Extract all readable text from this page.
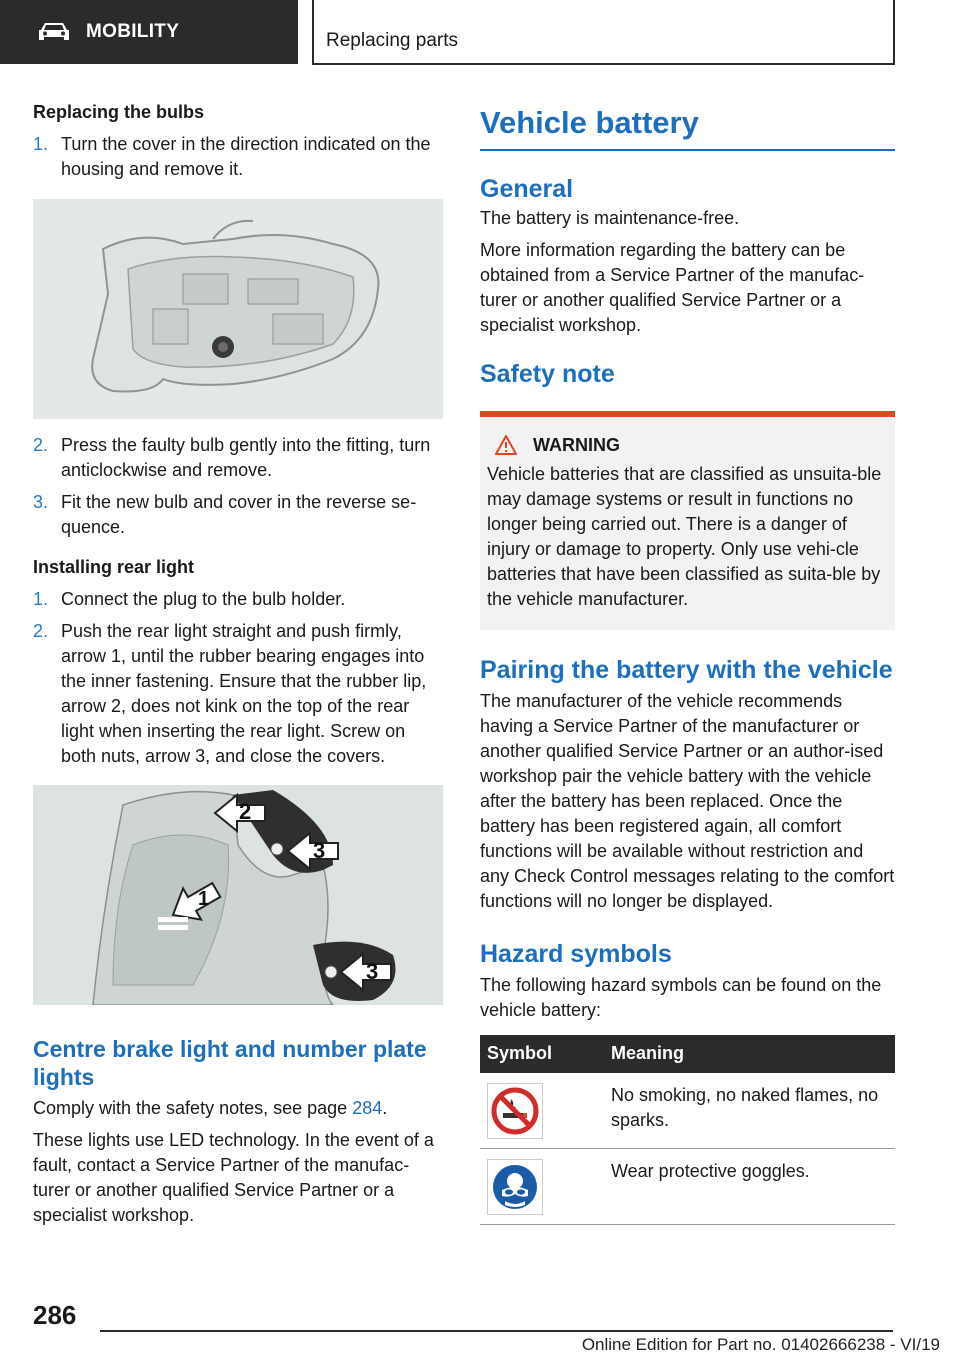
MOBILITY	Replacing parts

Replacing the bulbs

1. Turn the cover in the direction indicated on the housing and remove it.
2. Press the faulty bulb gently into the fitting, turn anticlockwise and remove.
3. Fit the new bulb and cover in the reverse se-quence.

Installing rear light

1. Connect the plug to the bulb holder.
2. Push the rear light straight and push firmly, arrow 1, until the rubber bearing engages into the inner fastening. Ensure that the rubber lip, arrow 2, does not kink on the top of the rear light when inserting the rear light. Screw on both nuts, arrow 3, and close the covers.
2
3
1
3

Centre brake light and number plate lights

Comply with the safety notes, see page 284.

These lights use LED technology. In the event of a fault, contact a Service Partner of the manufac-turer or another qualified Service Partner or a specialist workshop.

Vehicle battery

General

The battery is maintenance-free.

More information regarding the battery can be obtained from a Service Partner of the manufac-turer or another qualified Service Partner or a specialist workshop.

Safety note

WARNING

Vehicle batteries that are classified as unsuita-ble may damage systems or result in functions no longer being carried out. There is a danger of injury or damage to property. Only use vehi-cle batteries that have been classified as suita-ble by the vehicle manufacturer.

Pairing the battery with the vehicle

The manufacturer of the vehicle recommends having a Service Partner of the manufacturer or another qualified Service Partner or an author-ised workshop pair the vehicle battery with the vehicle after the battery has been replaced. Once the battery has been registered again, all comfort functions will be available without restriction and any Check Control messages relating to the comfort functions will no longer be displayed.

Hazard symbols

The following hazard symbols can be found on the vehicle battery:

Symbol	Meaning

	No smoking, no naked flames, no sparks.

	Wear protective goggles.
286
Online Edition for Part no. 01402666238 - VI/19
